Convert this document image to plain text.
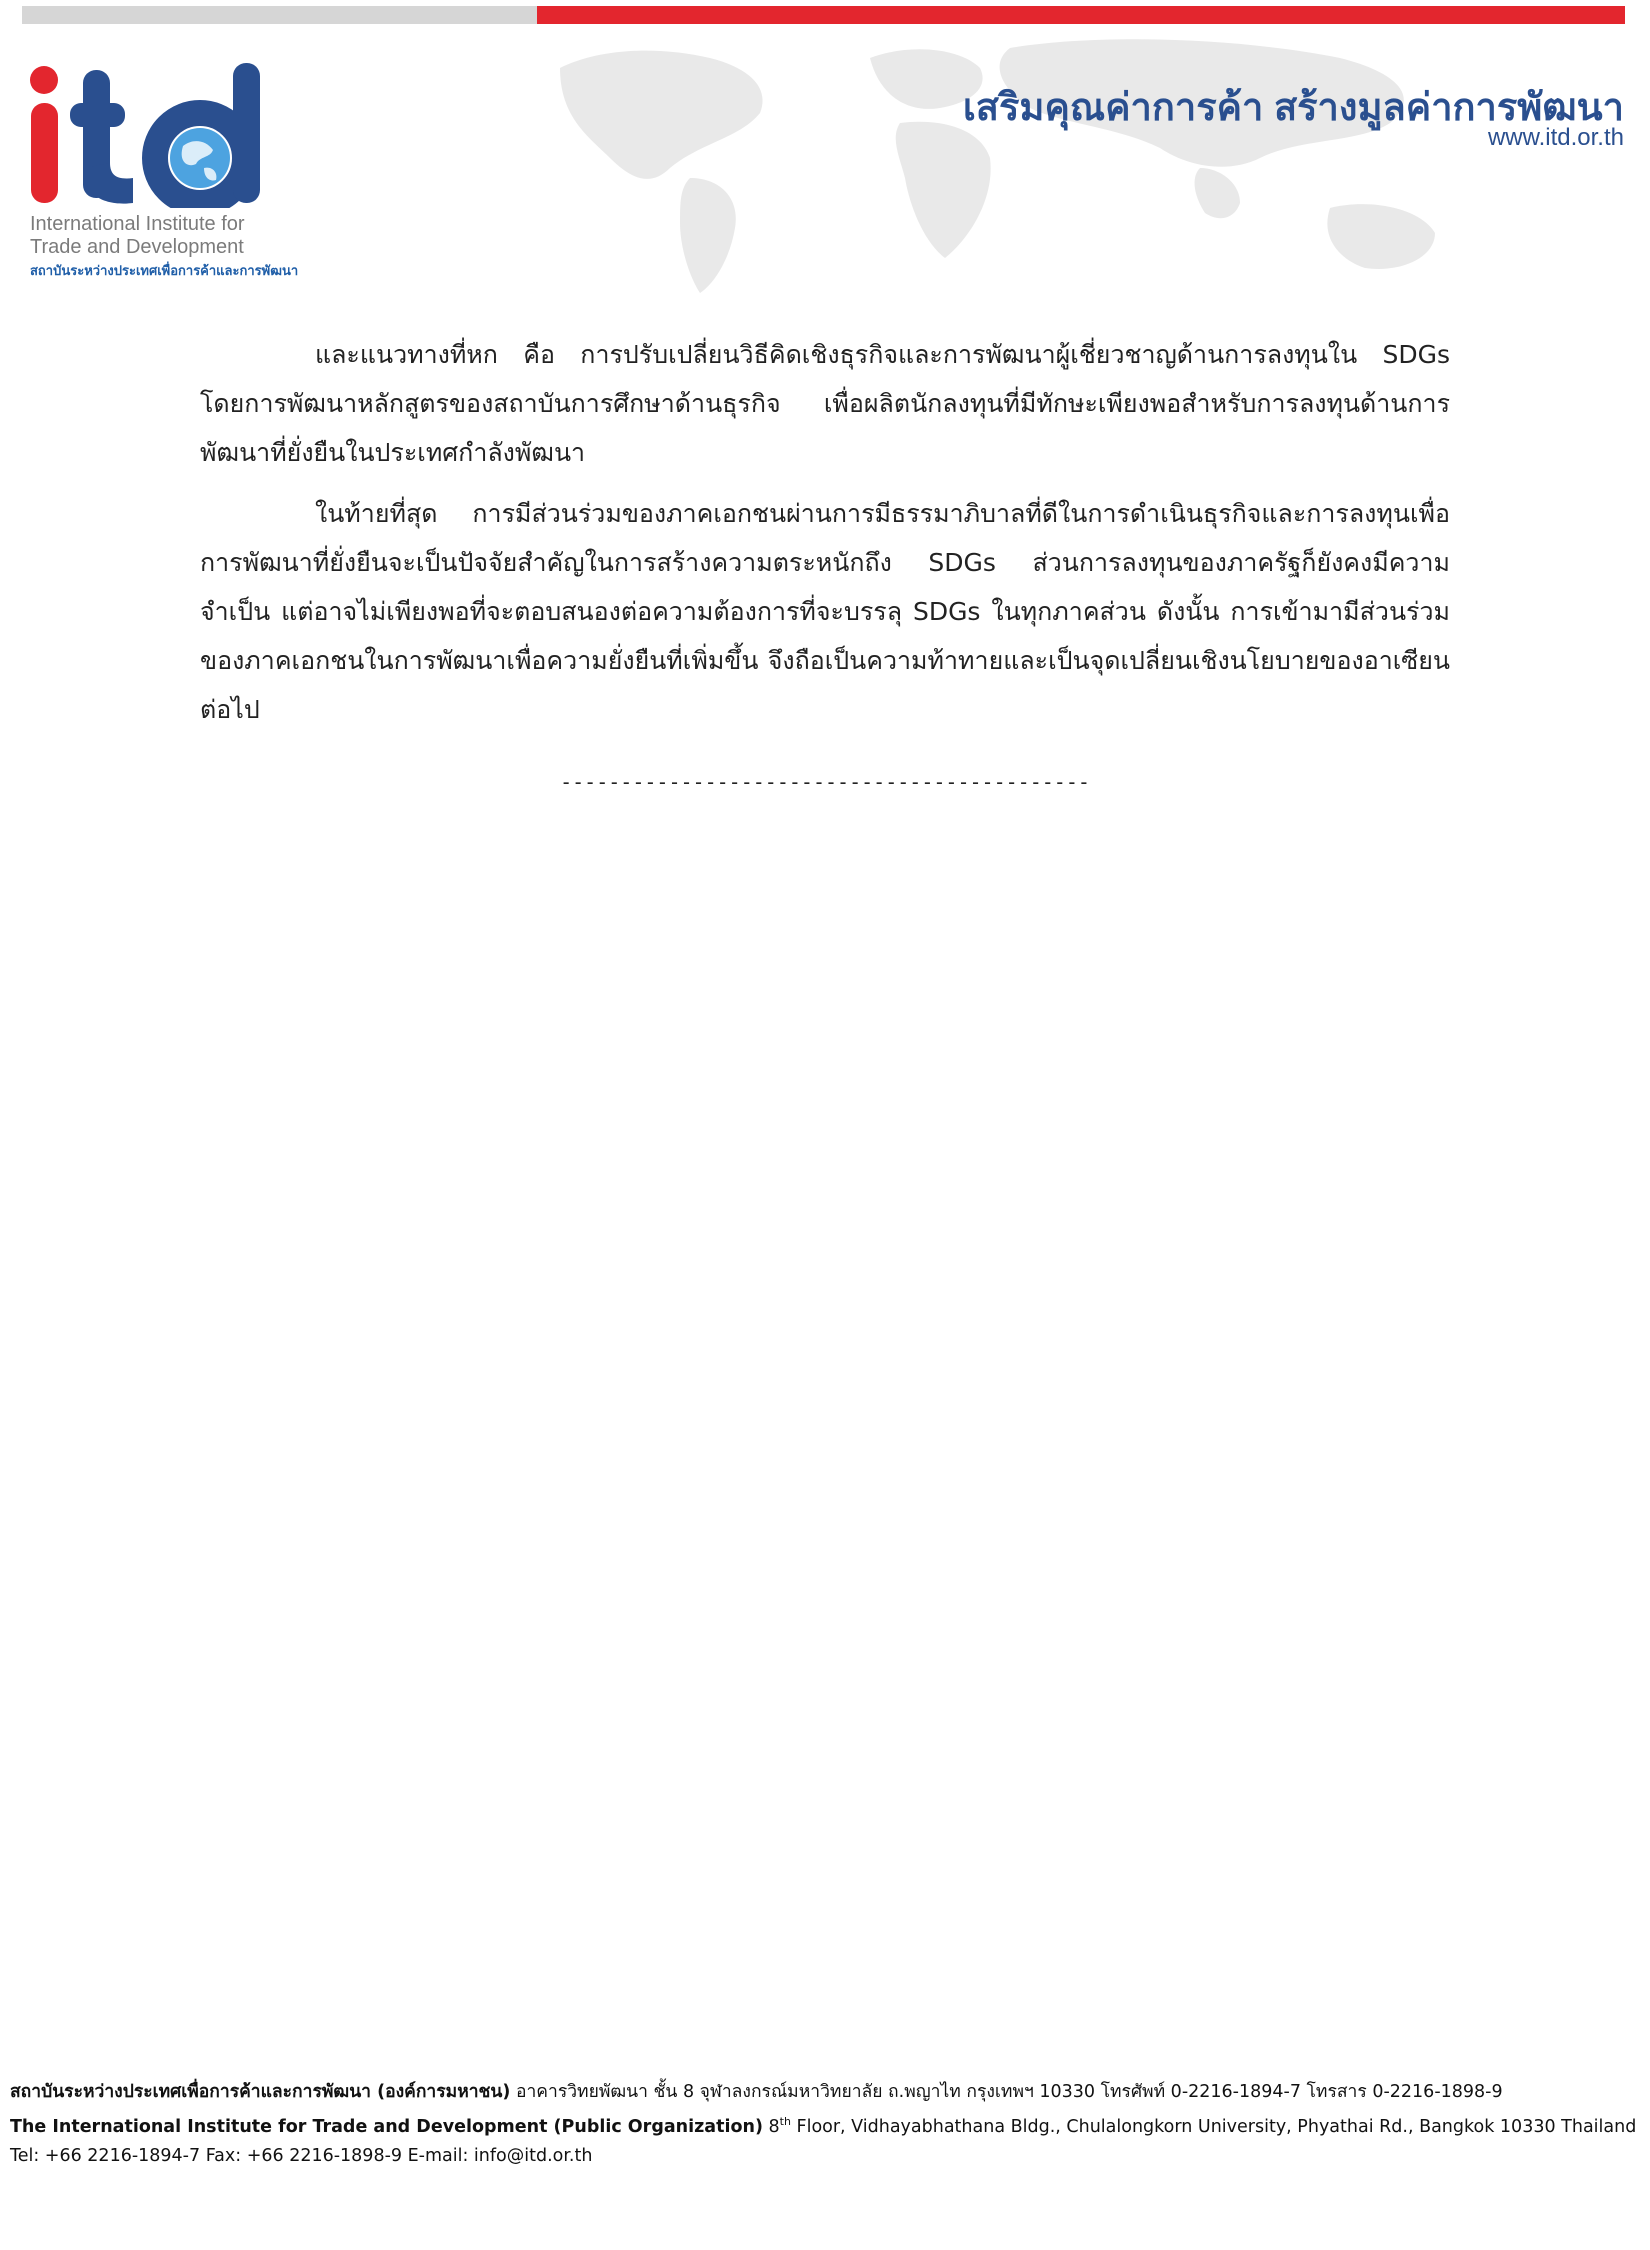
International Institute for
Trade and Development
สถาบันระหว่างประเทศเพื่อการค้าและการพัฒนา
เสริมคุณค่าการค้า สร้างมูลค่าการพัฒนา
www.itd.or.th

และแนวทางที่หก คือ การปรับเปลี่ยนวิธีคิดเชิงธุรกิจและการพัฒนาผู้เชี่ยวชาญด้านการลงทุนใน SDGs โดยการพัฒนาหลักสูตรของสถาบันการศึกษาด้านธุรกิจ เพื่อผลิตนักลงทุนที่มีทักษะเพียงพอสำหรับการลงทุนด้านการพัฒนาที่ยั่งยืนในประเทศกำลังพัฒนา

ในท้ายที่สุด การมีส่วนร่วมของภาคเอกชนผ่านการมีธรรมาภิบาลที่ดีในการดำเนินธุรกิจและการลงทุนเพื่อการพัฒนาที่ยั่งยืนจะเป็นปัจจัยสำคัญในการสร้างความตระหนักถึง SDGs ส่วนการลงทุนของภาครัฐก็ยังคงมีความจำเป็น แต่อาจไม่เพียงพอที่จะตอบสนองต่อความต้องการที่จะบรรลุ SDGs ในทุกภาคส่วน ดังนั้น การเข้ามามีส่วนร่วมของภาคเอกชนในการพัฒนาเพื่อความยั่งยืนที่เพิ่มขึ้น จึงถือเป็นความท้าทายและเป็นจุดเปลี่ยนเชิงนโยบายของอาเซียนต่อไป

--------------------------------------------
สถาบันระหว่างประเทศเพื่อการค้าและการพัฒนา (องค์การมหาชน) อาคารวิทยพัฒนา ชั้น 8 จุฬาลงกรณ์มหาวิทยาลัย ถ.พญาไท กรุงเทพฯ 10330 โทรศัพท์ 0-2216-1894-7 โทรสาร 0-2216-1898-9
The International Institute for Trade and Development (Public Organization) 8th Floor, Vidhayabhathana Bldg., Chulalongkorn University, Phyathai Rd., Bangkok 10330 Thailand
Tel: +66 2216-1894-7 Fax: +66 2216-1898-9 E-mail: info@itd.or.th
